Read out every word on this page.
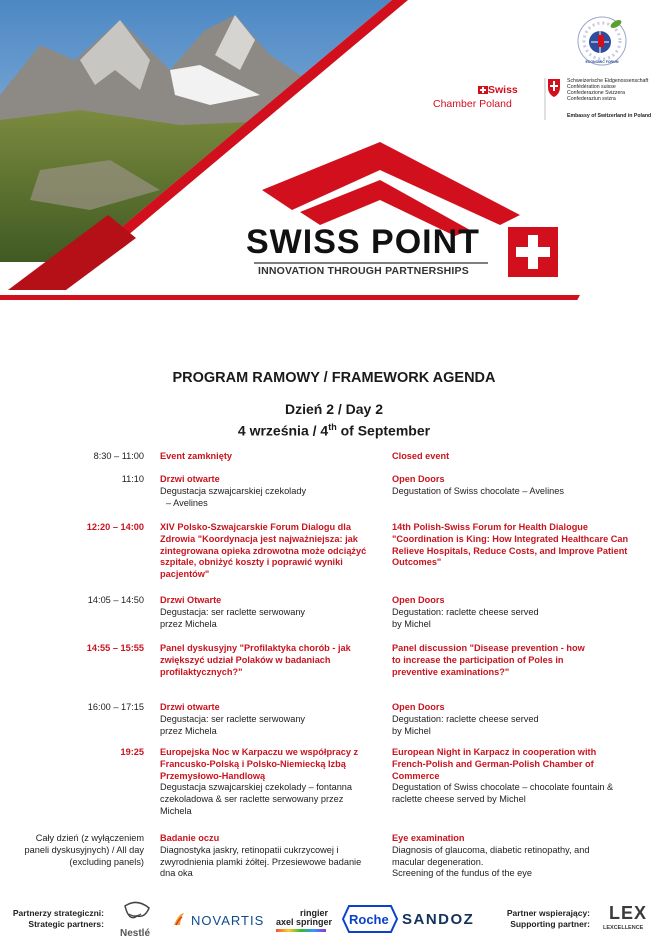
ECONOMIC FORUM
Swiss
Chamber Poland
Schweizerische Eidgenossenschaft
Confédération suisse
Confederazione Svizzera
Confederaziun svizra
Embassy of Switzerland in Poland
SWISS POINT
INNOVATION THROUGH PARTNERSHIPS
33. Forum Ekonomiczne w Karpaczu
3-5 września 2024 r.
33rd Economic Forum in Karpacz
3rd-5th September 2024
PROGRAM RAMOWY / FRAMEWORK AGENDA
Dzień 2 / Day 2
4 września / 4th of September
8:30 – 11:00 Event zamknięty	Closed event
11:10 Drzwi otwarte
Degustacja szwajcarskiej czekolady
– Avelines
Open Doors
Degustation of Swiss chocolate – Avelines
12:20 – 14:00 XIV Polsko-Szwajcarskie Forum Dialogu dla Zdrowia "Koordynacja jest najważniejsza: jak zintegrowana opieka zdrowotna może odciążyć szpitale, obniżyć koszty i poprawić wyniki pacjentów"
14th Polish-Swiss Forum for Health Dialogue "Coordination is King: How Integrated Healthcare Can Relieve Hospitals, Reduce Costs, and Improve Patient Outcomes"
14:05 – 14:50 Drzwi Otwarte
Degustacja: ser raclette serwowany
przez Michela
Open Doors
Degustation: raclette cheese served
by Michel
14:55 – 15:55 Panel dyskusyjny "Profilaktyka chorób - jak zwiększyć udział Polaków w badaniach profilaktycznych?"
Panel discussion "Disease prevention - how to increase the participation of Poles in preventive examinations?"
16:00 – 17:15 Drzwi otwarte
Degustacja: ser raclette serwowany
przez Michela
Open Doors
Degustation: raclette cheese served
by Michel
19:25 Europejska Noc w Karpaczu we współpracy z Francusko-Polską i Polsko-Niemiecką Izbą Przemysłowo-Handlową
Degustacja szwajcarskiej czekolady – fontanna czekoladowa & ser raclette serwowany przez Michela
European Night in Karpacz in cooperation with French-Polish and German-Polish Chamber of Commerce
Degustation of Swiss chocolate – chocolate fountain & raclette cheese served by Michel
Cały dzień (z wyłączeniem paneli dyskusyjnych) / All day (excluding panels)
Badanie oczu
Diagnostyka jaskry, retinopatii cukrzycowej i zwyrodnienia plamki żółtej. Przesiewowe badanie dna oka
Eye examination
Diagnosis of glaucoma, diabetic retinopathy, and macular degeneration.
Screening of the fundus of the eye
Partnerzy strategiczni:
Strategic partners:
Nestlé
NOVARTIS	ringier
axel springer Roche SANDOZ	Partner wspierający:
Supporting partner:
LEX
LEXCELLENCE
